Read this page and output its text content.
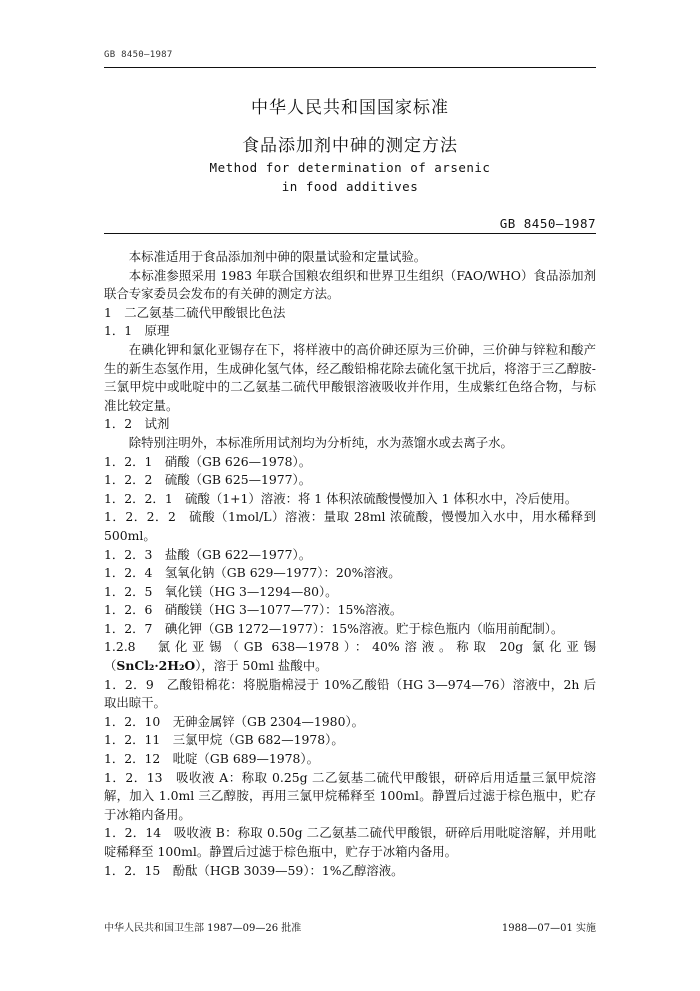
GB 8450—1987
中华人民共和国国家标准
食品添加剂中砷的测定方法
Method for determination of arsenic
in food additives
GB 8450—1987

本标准适用于食品添加剂中砷的限量试验和定量试验。

本标准参照采用 1983 年联合国粮农组织和世界卫生组织（FAO/WHO）食品添加剂联合专家委员会发布的有关砷的测定方法。

1　二乙氨基二硫代甲酸银比色法

1．1　原理

在碘化钾和氯化亚锡存在下，将样液中的高价砷还原为三价砷，三价砷与锌粒和酸产生的新生态氢作用，生成砷化氢气体，经乙酸铅棉花除去硫化氢干扰后，将溶于三乙醇胺-三氯甲烷中或吡啶中的二乙氨基二硫代甲酸银溶液吸收并作用，生成紫红色络合物，与标准比较定量。

1．2　试剂

除特别注明外，本标准所用试剂均为分析纯，水为蒸馏水或去离子水。

1．2．1　硝酸（GB 626—1978）。

1．2．2　硫酸（GB 625—1977）。

1．2．2．1　硫酸（1+1）溶液：将 1 体积浓硫酸慢慢加入 1 体积水中，冷后使用。

1．2．2．2　硫酸（1mol/L）溶液：量取 28ml 浓硫酸，慢慢加入水中，用水稀释到 500ml。

1．2．3　盐酸（GB 622—1977）。

1．2．4　氢氧化钠（GB 629—1977）：20%溶液。

1．2．5　氧化镁（HG 3—1294—80）。

1．2．6　硝酸镁（HG 3—1077—77）：15%溶液。

1．2．7　碘化钾（GB 1272—1977）：15%溶液。贮于棕色瓶内（临用前配制）。

1.2.8　氯化亚锡（GB 638—1978）：40%溶液。称取 20g 氯化亚锡（SnCl₂·2H₂O），溶于 50ml 盐酸中。

1．2．9　乙酸铅棉花：将脱脂棉浸于 10%乙酸铅（HG 3—974—76）溶液中，2h 后取出晾干。

1．2．10　无砷金属锌（GB 2304—1980）。

1．2．11　三氯甲烷（GB 682—1978）。

1．2．12　吡啶（GB 689—1978）。

1．2．13　吸收液 A：称取 0.25g 二乙氨基二硫代甲酸银，研碎后用适量三氯甲烷溶解，加入 1.0ml 三乙醇胺，再用三氯甲烷稀释至 100ml。静置后过滤于棕色瓶中，贮存于冰箱内备用。

1．2．14　吸收液 B：称取 0.50g 二乙氨基二硫代甲酸银，研碎后用吡啶溶解，并用吡啶稀释至 100ml。静置后过滤于棕色瓶中，贮存于冰箱内备用。

1．2．15　酚酞（HGB 3039—59）：1%乙醇溶液。

中华人民共和国卫生部 1987—09—26 批准	1988—07—01 实施
